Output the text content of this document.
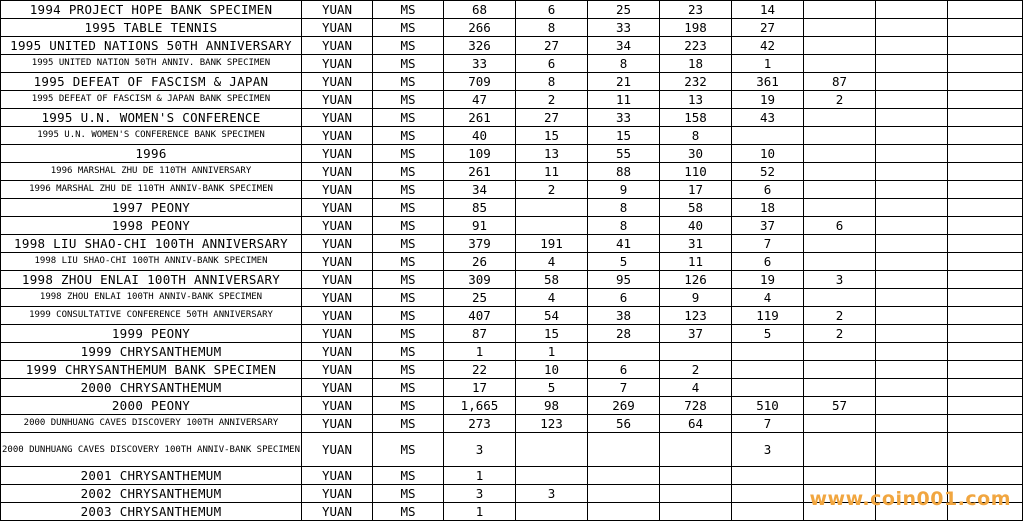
1994 PROJECT HOPE BANK SPECIMEN	YUAN	MS	68	6	25	23	14			
1995 TABLE TENNIS	YUAN	MS	266	8	33	198	27			
1995 UNITED NATIONS 50TH ANNIVERSARY	YUAN	MS	326	27	34	223	42			
1995 UNITED NATION 50TH ANNIV. BANK SPECIMEN	YUAN	MS	33	6	8	18	1			
1995 DEFEAT OF FASCISM & JAPAN	YUAN	MS	709	8	21	232	361	87		
1995 DEFEAT OF FASCISM & JAPAN BANK SPECIMEN	YUAN	MS	47	2	11	13	19	2		
1995 U.N. WOMEN'S CONFERENCE	YUAN	MS	261	27	33	158	43			
1995 U.N. WOMEN'S CONFERENCE BANK SPECIMEN	YUAN	MS	40	15	15	8				
1996	YUAN	MS	109	13	55	30	10			
1996 MARSHAL ZHU DE 110TH ANNIVERSARY	YUAN	MS	261	11	88	110	52			
1996 MARSHAL ZHU DE 110TH ANNIV-BANK SPECIMEN	YUAN	MS	34	2	9	17	6			
1997 PEONY	YUAN	MS	85		8	58	18			
1998 PEONY	YUAN	MS	91		8	40	37	6		
1998 LIU SHAO-CHI 100TH ANNIVERSARY	YUAN	MS	379	191	41	31	7			
1998 LIU SHAO-CHI 100TH ANNIV-BANK SPECIMEN	YUAN	MS	26	4	5	11	6			
1998 ZHOU ENLAI 100TH ANNIVERSARY	YUAN	MS	309	58	95	126	19	3		
1998 ZHOU ENLAI 100TH ANNIV-BANK SPECIMEN	YUAN	MS	25	4	6	9	4			
1999 CONSULTATIVE CONFERENCE 50TH ANNIVERSARY	YUAN	MS	407	54	38	123	119	2		
1999 PEONY	YUAN	MS	87	15	28	37	5	2		
1999 CHRYSANTHEMUM	YUAN	MS	1	1						
1999 CHRYSANTHEMUM BANK SPECIMEN	YUAN	MS	22	10	6	2				
2000 CHRYSANTHEMUM	YUAN	MS	17	5	7	4				
2000 PEONY	YUAN	MS	1,665	98	269	728	510	57		
2000 DUNHUANG CAVES DISCOVERY 100TH ANNIVERSARY	YUAN	MS	273	123	56	64	7			
2000 DUNHUANG CAVES DISCOVERY 100TH ANNIV-BANK SPECIMEN	YUAN	MS	3				3			
2001 CHRYSANTHEMUM	YUAN	MS	1							
2002 CHRYSANTHEMUM	YUAN	MS	3	3						
2003 CHRYSANTHEMUM	YUAN	MS	1							
www.coin001.com
